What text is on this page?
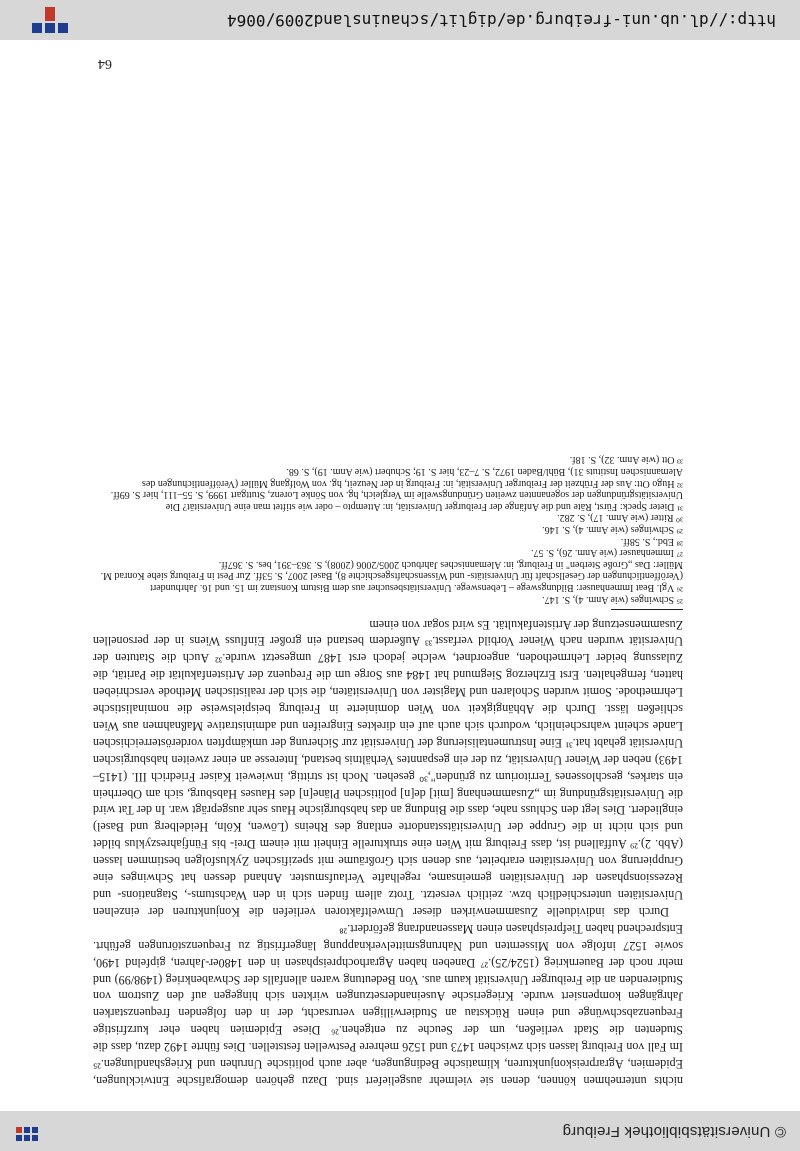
© Universitätsbibliothek Freiburg

nichts unternehmen können, denen sie vielmehr ausgeliefert sind. Dazu gehören demografische Entwicklungen, Epidemien, Agrarpreiskonjunkturen, klimatische Bedingungen, aber auch politische Unruhen und Kriegshandlungen.²⁵ Im Fall von Freiburg lassen sich zwischen 1473 und 1526 mehrere Pestwellen feststellen. Dies führte 1492 dazu, dass die Studenten die Stadt verließen, um der Seuche zu entgehen.²⁶ Diese Epidemien haben eher kurzfristige Frequenzabschwünge und einen Rückstau an Studierwilligen verursacht, der in den folgenden frequenzstarken Jahrgängen kompensiert wurde. Kriegerische Auseinandersetzungen wirkten sich hingegen auf den Zustrom von Studierenden an die Freiburger Universität kaum aus. Von Bedeutung waren allenfalls der Schwabenkrieg (1498/99) und mehr noch der Bauernkrieg (1524/25).²⁷ Daneben haben Agrarhochpreisphasen in den 1480er-Jahren, gipfelnd 1490, sowie 1527 infolge von Missernten und Nahrungsmittelverknappung längerfristig zu Frequenzstörungen geführt. Entsprechend haben Tiefpreisphasen einen Massenandrang gefördert.²⁸

Durch das individuelle Zusammenwirken dieser Umweltfaktoren verliefen die Konjunkturen der einzelnen Universitäten unterschiedlich bzw. zeitlich versetzt. Trotz allem finden sich in den Wachstums-, Stagnations- und Rezessionsphasen der Universitäten gemeinsame, regelhafte Verlaufsmuster. Anhand dessen hat Schwinges eine Gruppierung von Universitäten erarbeitet, aus denen sich Großräume mit spezifischen Zyklusfolgen bestimmen lassen (Abb. 2).²⁹ Auffallend ist, dass Freiburg mit Wien eine strukturelle Einheit mit einem Drei- bis Fünfjahreszyklus bildet und sich nicht in die Gruppe der Universitätsstandorte entlang des Rheins (Löwen, Köln, Heidelberg und Basel) eingliedert. Dies legt den Schluss nahe, dass die Bindung an das habsburgische Haus sehr ausgeprägt war. In der Tat wird die Universitätsgründung im „Zusammenhang [mit] de[n] politischen Pläne[n] des Hauses Habsburg, sich am Oberrhein ein starkes, geschlossenes Territorium zu gründen",³⁰ gesehen. Noch ist strittig, inwieweit Kaiser Friedrich III. (1415–1493) neben der Wiener Universität, zu der ein gespanntes Verhältnis bestand, Interesse an einer zweiten habsburgischen Universität gehabt hat.³¹ Eine Instrumentalisierung der Universität zur Sicherung der umkämpften vorderösterreichischen Lande scheint wahrscheinlich, wodurch sich auch auf ein direktes Eingreifen und administrative Maßnahmen aus Wien schließen lässt. Durch die Abhängigkeit von Wien dominierte in Freiburg beispielsweise die nominalistische Lehrmethode. Somit wurden Scholaren und Magister von Universitäten, die sich der realistischen Methode verschrieben hatten, ferngehalten. Erst Erzherzog Siegmund hat 1484 aus Sorge um die Frequenz der Artistenfakultät die Parität, die Zulassung beider Lehrmethoden, angeordnet, welche jedoch erst 1487 umgesetzt wurde.³² Auch die Statuten der Universität wurden nach Wiener Vorbild verfasst.³³ Außerdem bestand ein großer Einfluss Wiens in der personellen Zusammensetzung der Artistenfakultät. Es wird sogar von einem

²⁵ Schwinges (wie Anm. 4), S. 147.

²⁶ Vgl. Beat Immenhauser: Bildungswege – Lebenswege. Universitätsbesucher aus dem Bistum Konstanz im 15. und 16. Jahrhundert (Veröffentlichungen der Gesellschaft für Universitäts- und Wissenschaftsgeschichte 8), Basel 2007, S. 53ff. Zur Pest in Freiburg siehe Konrad M. Müller: Das „Große Sterben" in Freiburg, in: Alemannisches Jahrbuch 2005/2006 (2008), S. 363–391, bes. S. 367ff.

²⁷ Immenhauser (wie Anm. 26), S. 57.

²⁸ Ebd., S. 58ff.

²⁹ Schwinges (wie Anm. 4), S. 146.

³⁰ Ritter (wie Anm. 17), S. 282.

³¹ Dieter Speck: Fürst, Räte und die Anfänge der Freiburger Universität, in: Attempto – oder wie stiftet man eine Universität? Die Universitätsgründungen der sogenannten zweiten Gründungswelle im Vergleich, hg. von Sönke Lorenz, Stuttgart 1999, S. 55–111, hier S. 69ff.

³² Hugo Ott: Aus der Frühzeit der Freiburger Universität, in: Freiburg in der Neuzeit, hg. von Wolfgang Müller (Veröffentlichungen des Alemannischen Instituts 31), Bühl/Baden 1972, S. 7–23, hier S. 19; Schubert (wie Anm. 19), S. 68.

³³ Ott (wie Anm. 32), S. 18f.

64
http://dl.ub.uni-freiburg.de/diglit/schauinsland2009/0064
